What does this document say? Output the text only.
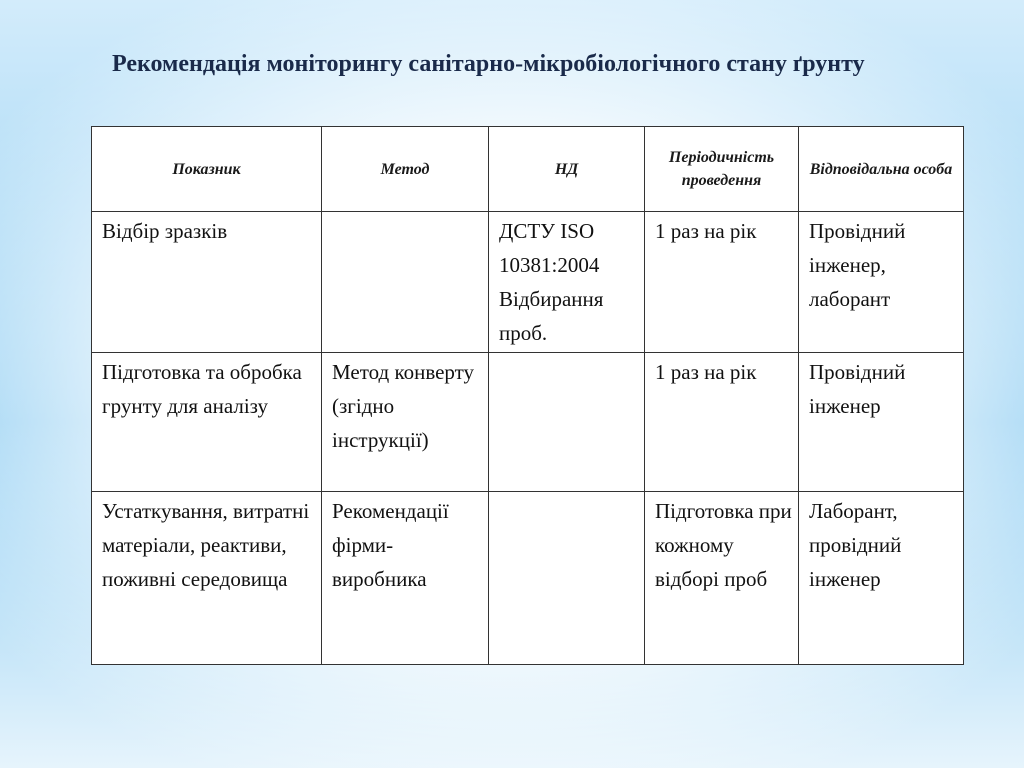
Рекомендація моніторингу санітарно-мікробіологічного стану ґрунту
Показник	Метод	НД	Періодичність проведення	Відповідальна особа
Відбір зразків		ДСТУ ISO 10381:2004 Відбирання проб.	1 раз на рік	Провідний інженер, лаборант
Підготовка та обробка грунту для аналізу	Метод конверту (згідно інструкції)		1 раз на рік	Провідний інженер
Устаткування, витратні матеріали, реактиви, поживні середовища	Рекомендації фірми-виробника		Підготовка при кожному відборі проб	Лаборант, провідний інженер
